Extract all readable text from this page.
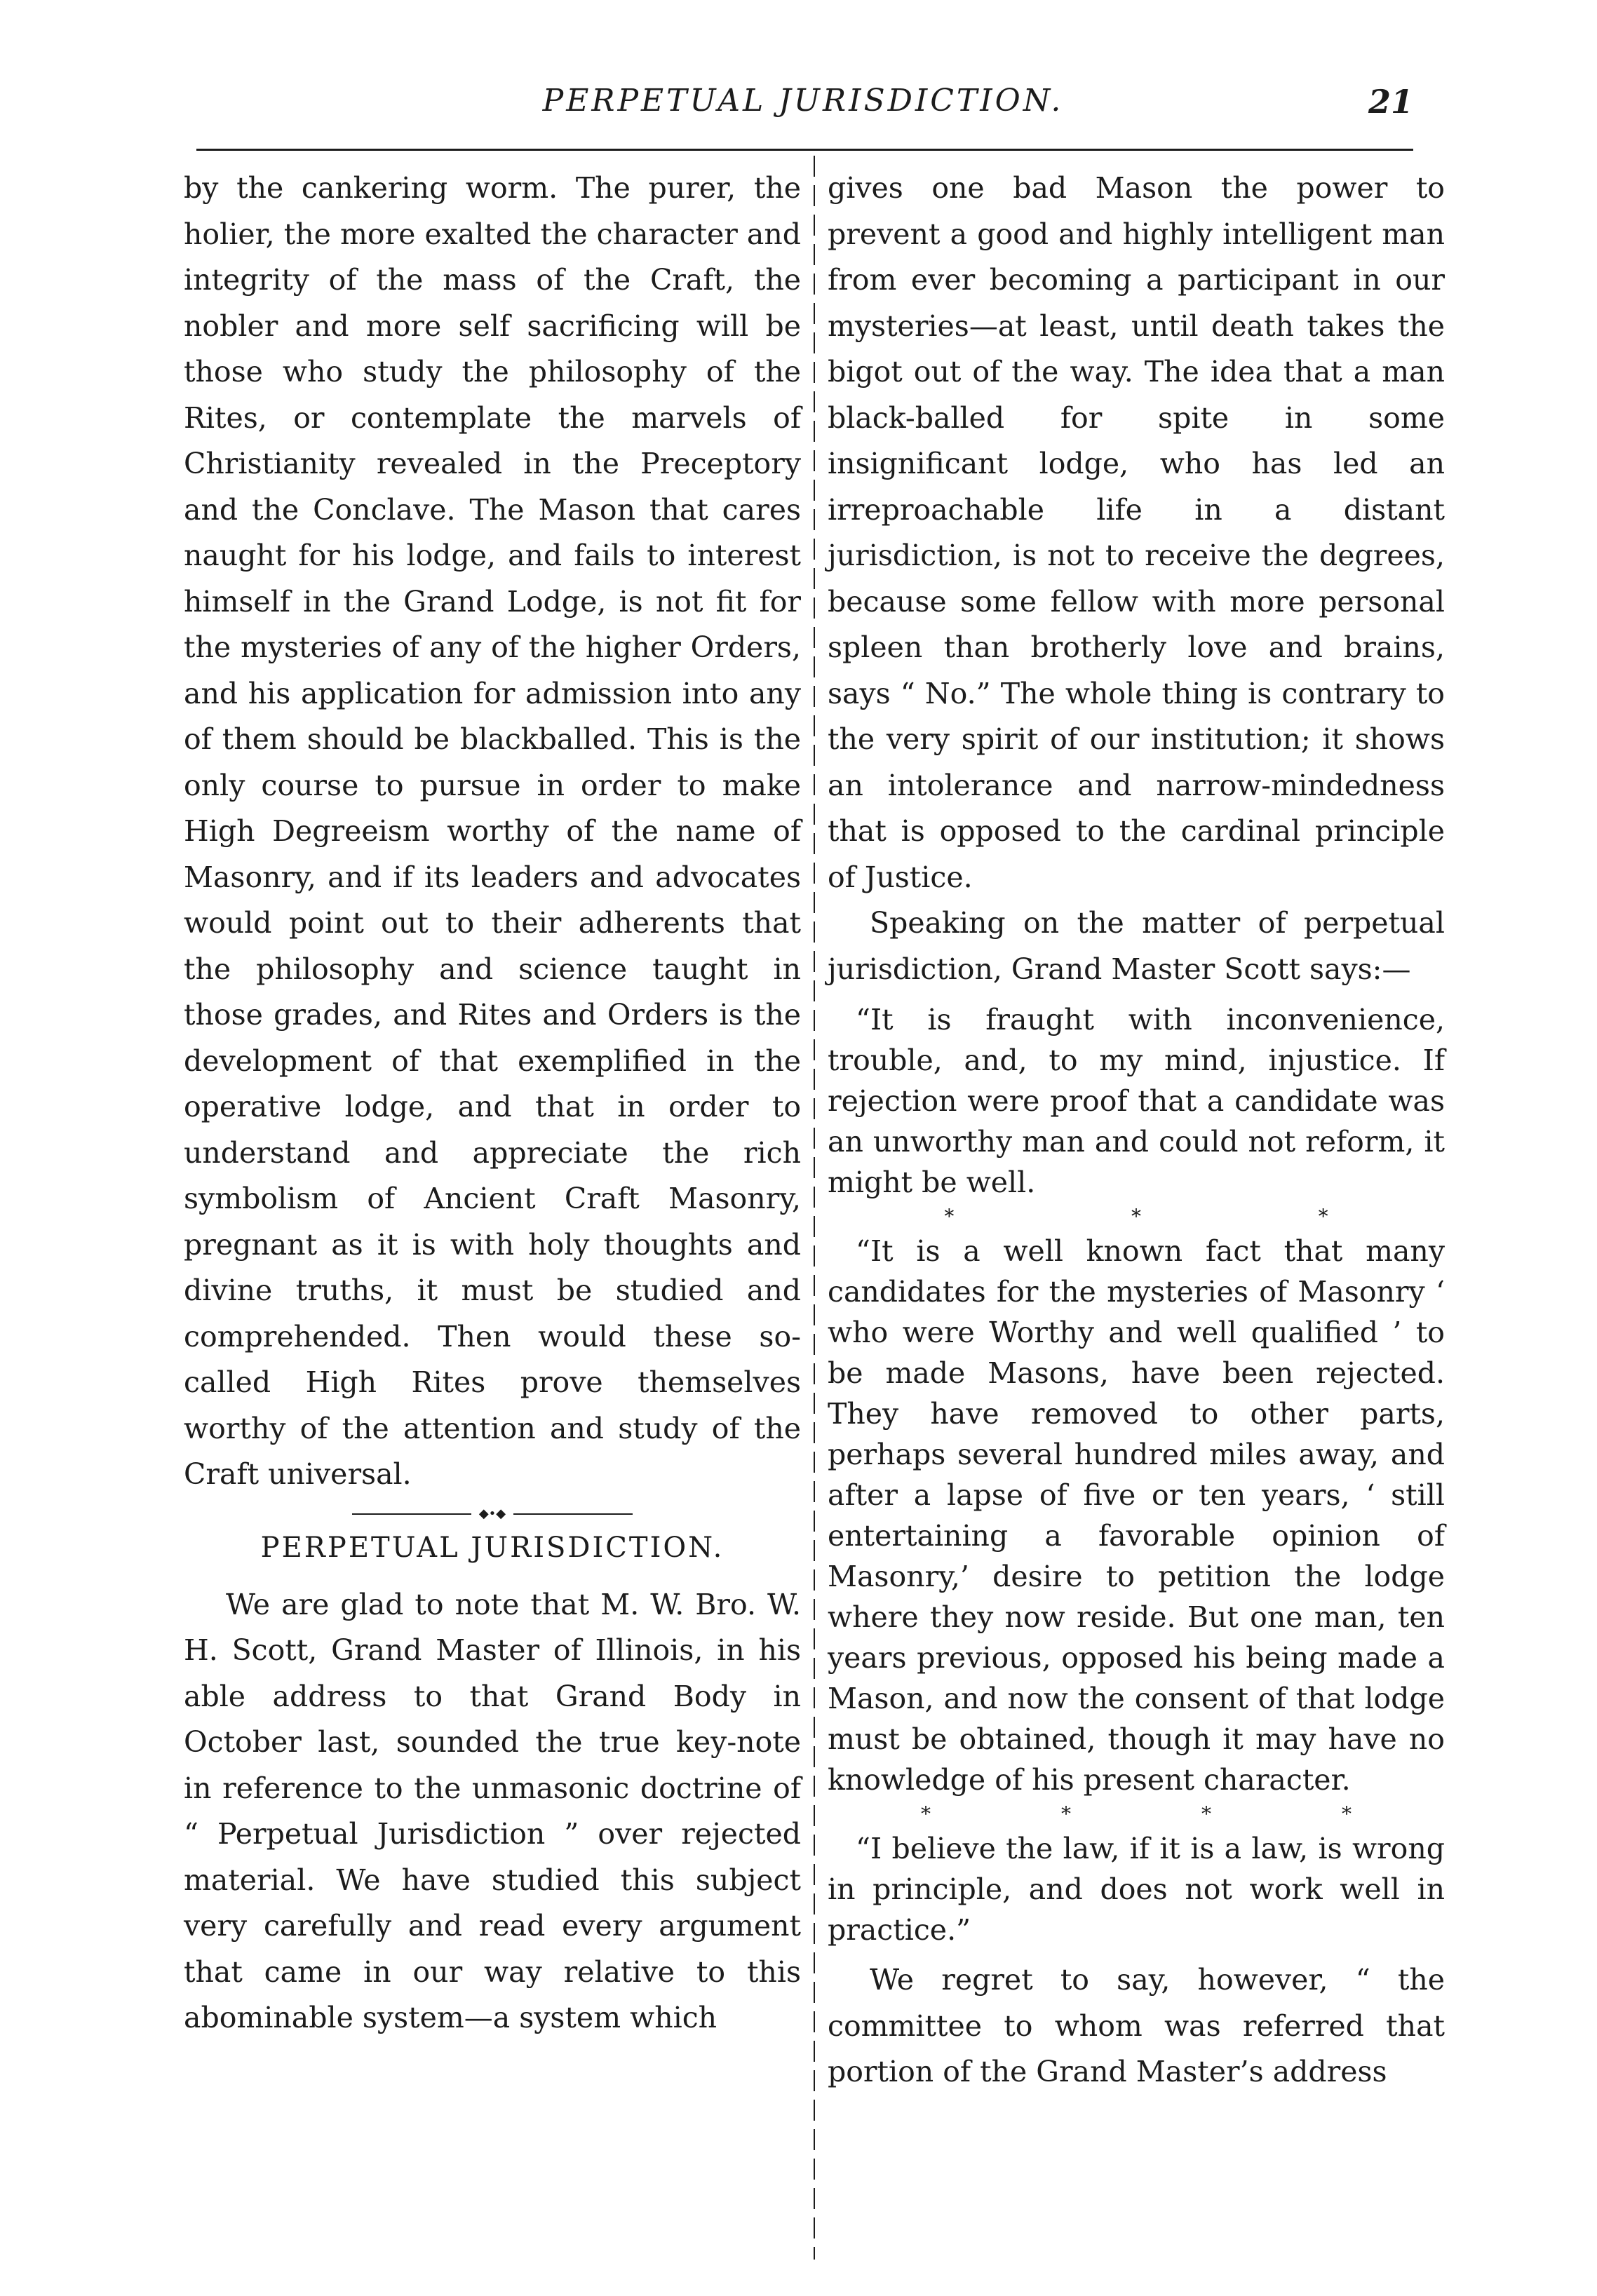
PERPETUAL JURISDICTION.	21

by the cankering worm. The purer, the holier, the more exalted the character and integrity of the mass of the Craft, the nobler and more self sacrificing will be those who study the philosophy of the Rites, or contemplate the marvels of Christianity revealed in the Preceptory and the Conclave. The Mason that cares naught for his lodge, and fails to interest himself in the Grand Lodge, is not fit for the mysteries of any of the higher Orders, and his application for admission into any of them should be blackballed. This is the only course to pursue in order to make High Degreeism worthy of the name of Masonry, and if its leaders and advocates would point out to their adherents that the philosophy and science taught in those grades, and Rites and Orders is the development of that exemplified in the operative lodge, and that in order to understand and appreciate the rich symbolism of Ancient Craft Masonry, pregnant as it is with holy thoughts and divine truths, it must be studied and comprehended. Then would these so-called High Rites prove themselves worthy of the attention and study of the Craft universal.

◆•◆
PERPETUAL JURISDICTION.

We are glad to note that M. W. Bro. W. H. Scott, Grand Master of Illinois, in his able address to that Grand Body in October last, sounded the true key-note in reference to the unmasonic doctrine of “ Perpetual Jurisdiction ” over rejected material. We have studied this subject very carefully and read every argument that came in our way relative to this abominable system—a system which

gives one bad Mason the power to prevent a good and highly intelligent man from ever becoming a participant in our mysteries—at least, until death takes the bigot out of the way. The idea that a man black-balled for spite in some insignificant lodge, who has led an irreproachable life in a distant jurisdiction, is not to receive the degrees, because some fellow with more personal spleen than brotherly love and brains, says “ No.” The whole thing is contrary to the very spirit of our institution; it shows an intolerance and narrow-mindedness that is opposed to the cardinal principle of Justice.

Speaking on the matter of perpetual jurisdiction, Grand Master Scott says:—

“It is fraught with inconvenience, trouble, and, to my mind, injustice. If rejection were proof that a candidate was an unworthy man and could not reform, it might be well.

*	*	*

“It is a well known fact that many candidates for the mysteries of Masonry ‘ who were Worthy and well qualified ’ to be made Masons, have been rejected. They have removed to other parts, perhaps several hundred miles away, and after a lapse of five or ten years, ‘ still entertaining a favorable opinion of Masonry,’ desire to petition the lodge where they now reside. But one man, ten years previous, opposed his being made a Mason, and now the consent of that lodge must be obtained, though it may have no knowledge of his present character.

*	*	*	*

“I believe the law, if it is a law, is wrong in principle, and does not work well in practice.”

We regret to say, however, “ the committee to whom was referred that portion of the Grand Master’s address
